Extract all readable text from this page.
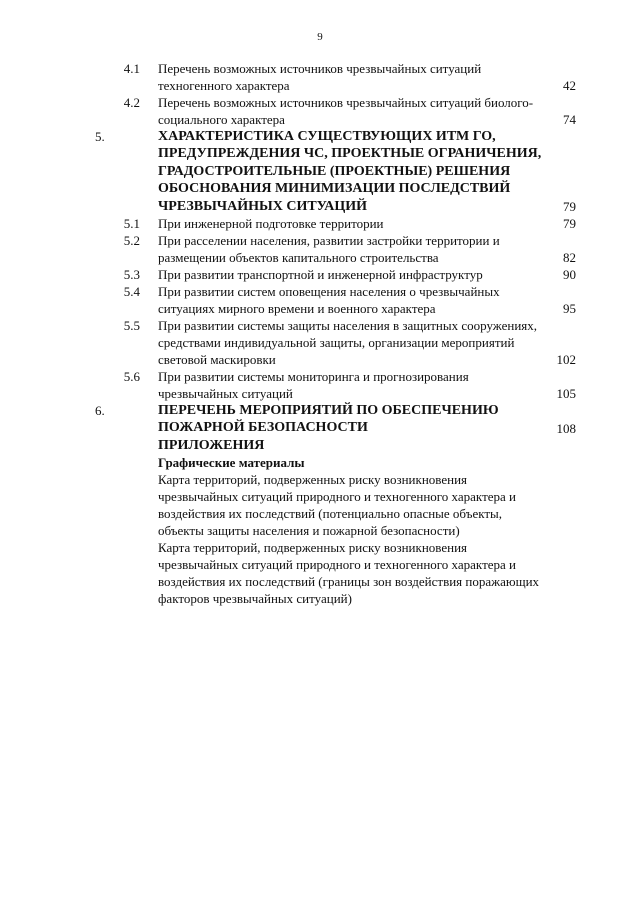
9
4.1	Перечень возможных источников чрезвычайных ситуаций техногенного характера	42
4.2	Перечень возможных источников чрезвычайных ситуаций биолого-социального характера	74
5.	ХАРАКТЕРИСТИКА СУЩЕСТВУЮЩИХ ИТМ ГО, ПРЕДУПРЕЖДЕНИЯ ЧС, ПРОЕКТНЫЕ ОГРАНИЧЕНИЯ, ГРАДОСТРОИТЕЛЬНЫЕ (ПРОЕКТНЫЕ) РЕШЕНИЯ ОБОСНОВАНИЯ МИНИМИЗАЦИИ ПОСЛЕДСТВИЙ ЧРЕЗВЫЧАЙНЫХ СИТУАЦИЙ	79
5.1	При инженерной подготовке территории	79
5.2	При расселении населения, развитии застройки территории и размещении объектов капитального строительства	82
5.3	При развитии транспортной и инженерной инфраструктур	90
5.4	При развитии систем оповещения населения о чрезвычайных ситуациях мирного времени и военного характера	95
5.5	При развитии системы защиты населения в защитных сооружениях, средствами индивидуальной защиты, организации мероприятий световой маскировки	102
5.6	При развитии системы мониторинга и прогнозирования чрезвычайных ситуаций	105
6.	ПЕРЕЧЕНЬ МЕРОПРИЯТИЙ ПО ОБЕСПЕЧЕНИЮ ПОЖАРНОЙ БЕЗОПАСНОСТИ	108
ПРИЛОЖЕНИЯ
Графические материалы
Карта территорий, подверженных риску возникновения чрезвычайных ситуаций природного и техногенного характера и воздействия их последствий (потенциально опасные объекты, объекты защиты населения и пожарной безопасности)
Карта территорий, подверженных риску возникновения чрезвычайных ситуаций природного и техногенного характера и воздействия их последствий (границы зон воздействия поражающих факторов чрезвычайных ситуаций)
